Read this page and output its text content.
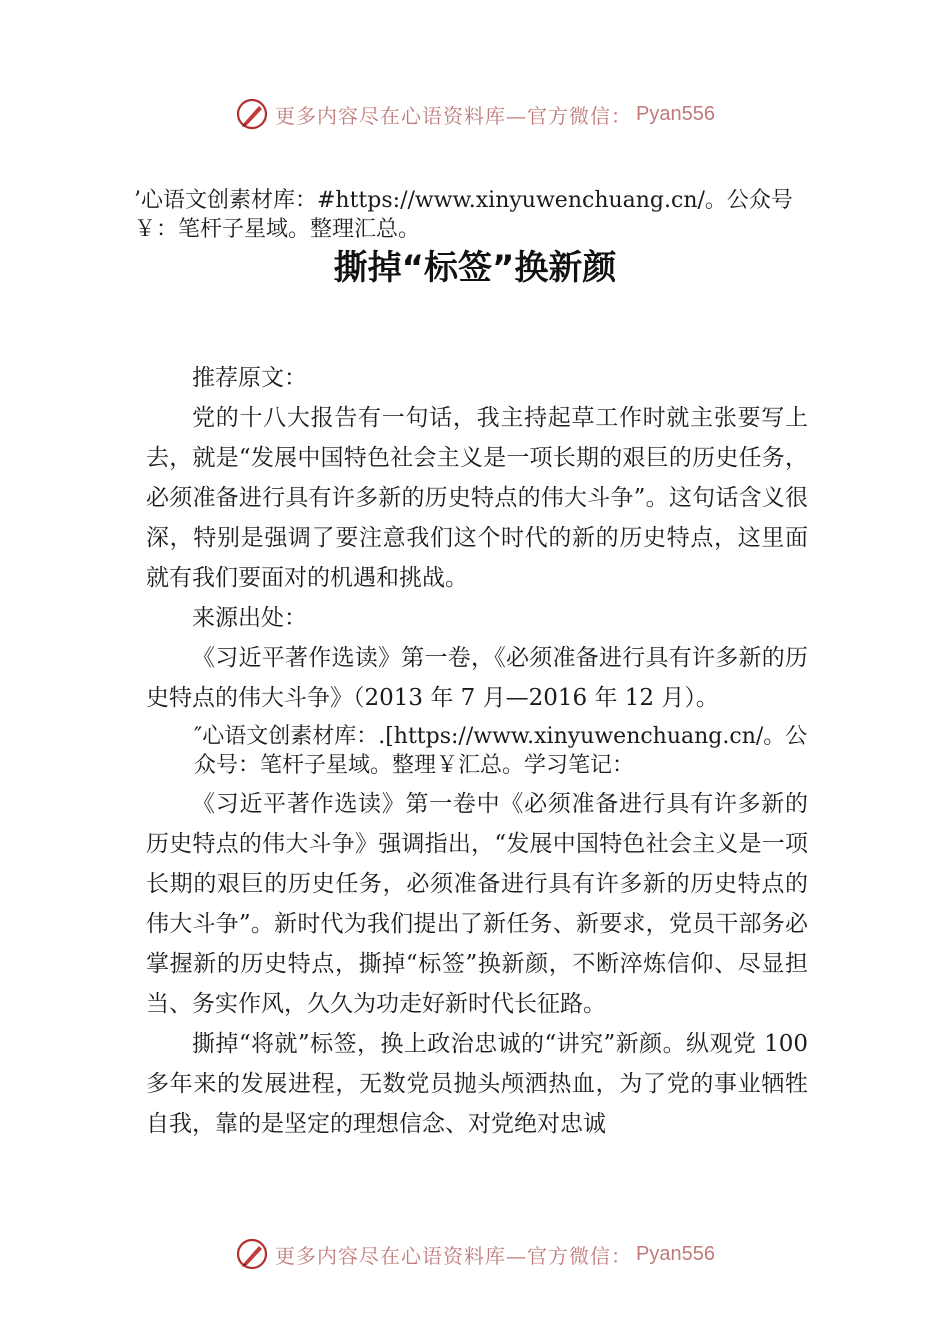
更多内容尽在心语资料库—官方微信： Pyan556
’心语文创素材库：#https://www.xinyuwenchuang.cn/。公众号￥：笔杆子星域。整理汇总。
撕掉“标签”换新颜

推荐原文：

党的十八大报告有一句话，我主持起草工作时就主张要写上去，就是“发展中国特色社会主义是一项长期的艰巨的历史任务，必须准备进行具有许多新的历史特点的伟大斗争”。这句话含义很深，特别是强调了要注意我们这个时代的新的历史特点，这里面就有我们要面对的机遇和挑战。

来源出处：

《习近平著作选读》第一卷，《必须准备进行具有许多新的历史特点的伟大斗争》（2013 年 7 月—2016 年 12 月）。

″心语文创素材库：.[https://www.xinyuwenchuang.cn/。公众号：笔杆子星域。整理￥汇总。学习笔记：

《习近平著作选读》第一卷中《必须准备进行具有许多新的历史特点的伟大斗争》强调指出，“发展中国特色社会主义是一项长期的艰巨的历史任务，必须准备进行具有许多新的历史特点的伟大斗争”。新时代为我们提出了新任务、新要求，党员干部务必掌握新的历史特点，撕掉“标签”换新颜，不断淬炼信仰、尽显担当、务实作风，久久为功走好新时代长征路。

撕掉“将就”标签，换上政治忠诚的“讲究”新颜。纵观党 100 多年来的发展进程，无数党员抛头颅洒热血，为了党的事业牺牲自我，靠的是坚定的理想信念、对党绝对忠诚

更多内容尽在心语资料库—官方微信： Pyan556
